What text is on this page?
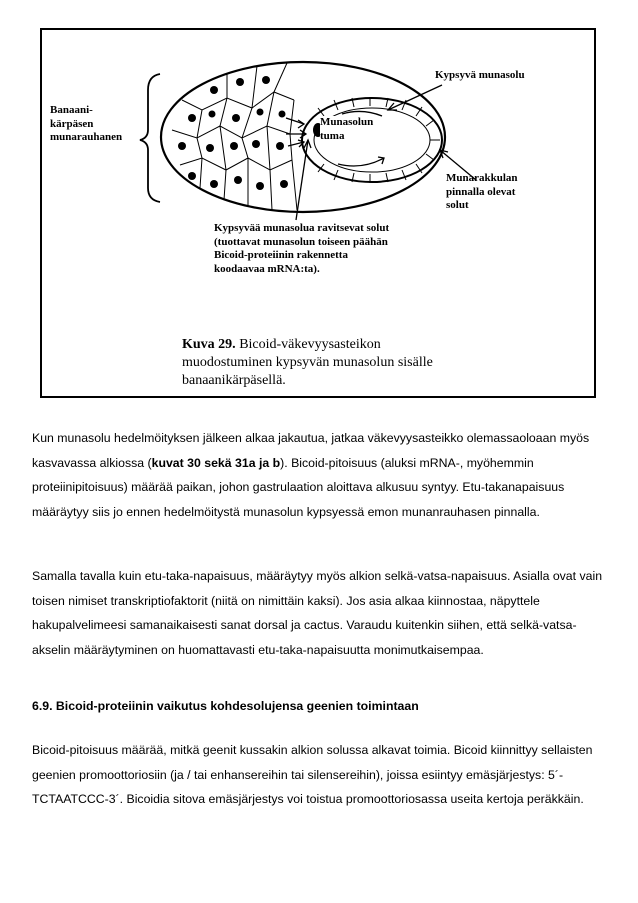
Banaani-
kärpäsen
munarauhanen
Kypsyvä munasolu
Munasolun
tuma
Munarakkulan
pinnalla olevat
solut
Kypsyvää munasolua ravitsevat solut
(tuottavat munasolun toiseen päähän
Bicoid-proteiinin rakennetta
koodaavaa mRNA:ta).
Kuva 29. Bicoid-väkevyysasteikon muodostuminen kypsyvän munasolun sisälle banaanikärpäsellä.
Kun munasolu hedelmöityksen jälkeen alkaa jakautua, jatkaa väkevyysasteikko olemassaoloaan myös kasvavassa alkiossa (kuvat 30 sekä 31a ja b). Bicoid-pitoisuus (aluksi mRNA-, myöhemmin proteiinipitoisuus) määrää paikan, johon gastrulaation aloittava alkusuu syntyy. Etu-takanapaisuus määräytyy siis jo ennen hedelmöitystä munasolun kypsyessä emon munanrauhasen pinnalla.
Samalla tavalla kuin etu-taka-napaisuus, määräytyy myös alkion selkä-vatsa-napaisuus. Asialla ovat vain toisen nimiset transkriptiofaktorit (niitä on nimittäin kaksi). Jos asia alkaa kiinnostaa, näpyttele hakupalvelimeesi samanaikaisesti sanat dorsal ja cactus. Varaudu kuitenkin siihen, että selkä-vatsa-akselin määräytyminen on huomattavasti etu-taka-napaisuutta monimutkaisempaa.
6.9. Bicoid-proteiinin vaikutus kohdesolujensa geenien toimintaan
Bicoid-pitoisuus määrää, mitkä geenit kussakin alkion solussa alkavat toimia. Bicoid kiinnittyy sellaisten geenien promoottoriosiin (ja / tai enhansereihin tai silensereihin), joissa esiintyy emäsjärjestys: 5´-TCTAATCCC-3´. Bicoidia sitova emäsjärjestys voi toistua promoottoriosassa useita kertoja peräkkäin.
